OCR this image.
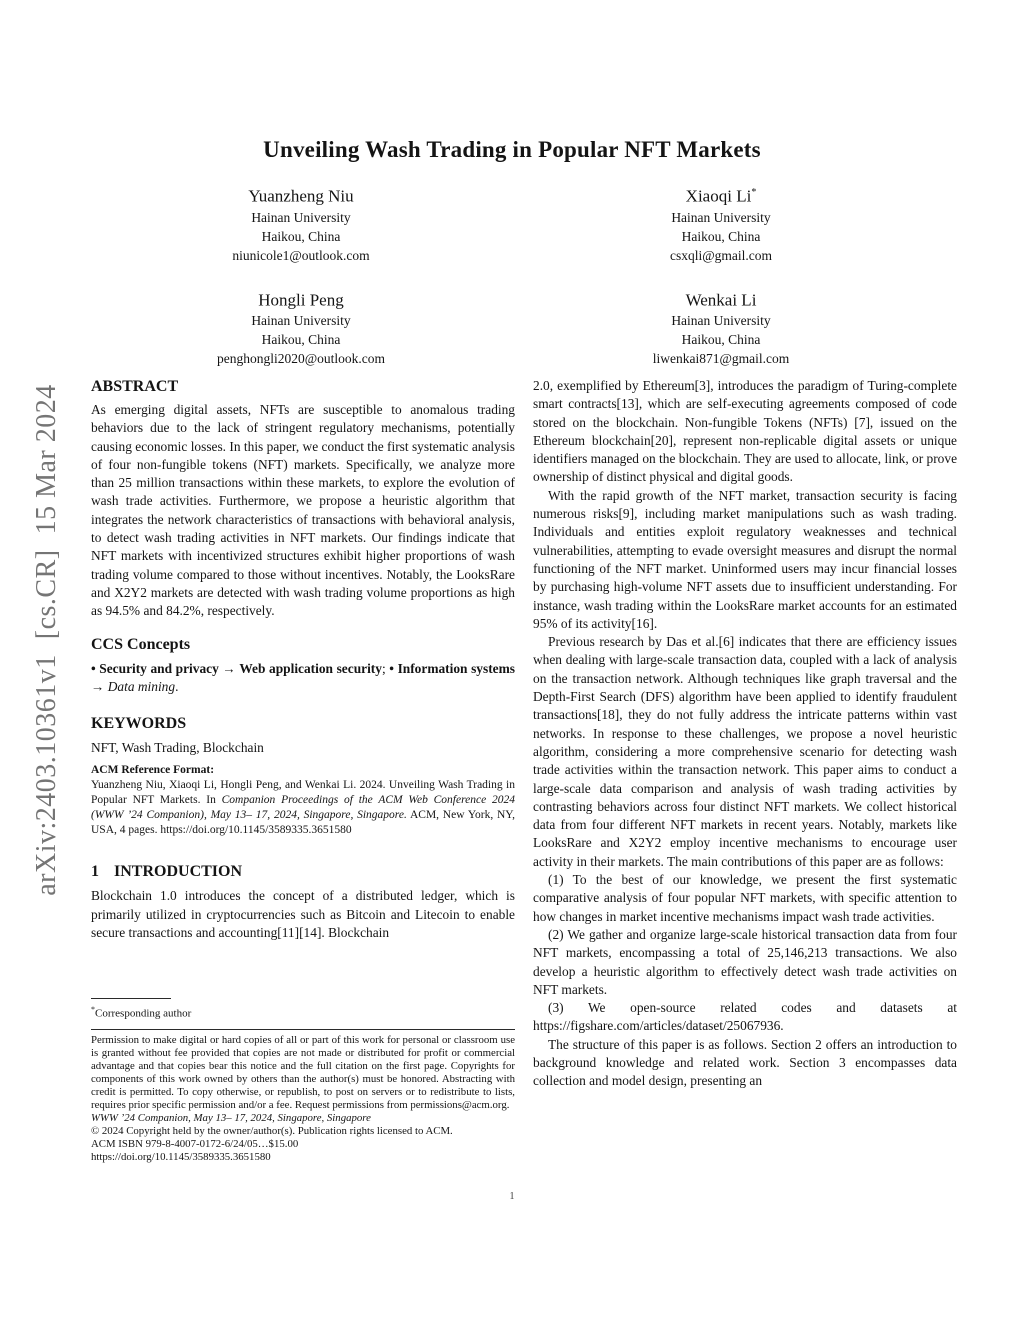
arXiv:2403.10361v1  [cs.CR]  15 Mar 2024
Unveiling Wash Trading in Popular NFT Markets
Yuanzheng Niu
Hainan University
Haikou, China
niunicole1@outlook.com
Xiaoqi Li*
Hainan University
Haikou, China
csxqli@gmail.com
Hongli Peng
Hainan University
Haikou, China
penghongli2020@outlook.com
Wenkai Li
Hainan University
Haikou, China
liwenkai871@gmail.com
ABSTRACT

As emerging digital assets, NFTs are susceptible to anomalous trading behaviors due to the lack of stringent regulatory mechanisms, potentially causing economic losses. In this paper, we conduct the first systematic analysis of four non-fungible tokens (NFT) markets. Specifically, we analyze more than 25 million transactions within these markets, to explore the evolution of wash trade activities. Furthermore, we propose a heuristic algorithm that integrates the network characteristics of transactions with behavioral analysis, to detect wash trading activities in NFT markets. Our findings indicate that NFT markets with incentivized structures exhibit higher proportions of wash trading volume compared to those without incentives. Notably, the LooksRare and X2Y2 markets are detected with wash trading volume proportions as high as 94.5% and 84.2%, respectively.

CCS Concepts

• Security and privacy → Web application security; • Information systems → Data mining.

KEYWORDS

NFT, Wash Trading, Blockchain

ACM Reference Format:

Yuanzheng Niu, Xiaoqi Li, Hongli Peng, and Wenkai Li. 2024. Unveiling Wash Trading in Popular NFT Markets. In Companion Proceedings of the ACM Web Conference 2024 (WWW ’24 Companion), May 13– 17, 2024, Singapore, Singapore. ACM, New York, NY, USA, 4 pages. https://doi.org/10.1145/3589335.3651580

1 INTRODUCTION

Blockchain 1.0 introduces the concept of a distributed ledger, which is primarily utilized in cryptocurrencies such as Bitcoin and Litecoin to enable secure transactions and accounting[11][14]. Blockchain

*Corresponding author

Permission to make digital or hard copies of all or part of this work for personal or classroom use is granted without fee provided that copies are not made or distributed for profit or commercial advantage and that copies bear this notice and the full citation on the first page. Copyrights for components of this work owned by others than the author(s) must be honored. Abstracting with credit is permitted. To copy otherwise, or republish, to post on servers or to redistribute to lists, requires prior specific permission and/or a fee. Request permissions from permissions@acm.org.

WWW ’24 Companion, May 13– 17, 2024, Singapore, Singapore
© 2024 Copyright held by the owner/author(s). Publication rights licensed to ACM.
ACM ISBN 979-8-4007-0172-6/24/05…$15.00
https://doi.org/10.1145/3589335.3651580

2.0, exemplified by Ethereum[3], introduces the paradigm of Turing-complete smart contracts[13], which are self-executing agreements composed of code stored on the blockchain. Non-fungible Tokens (NFTs) [7], issued on the Ethereum blockchain[20], represent non-replicable digital assets or unique identifiers managed on the blockchain. They are used to allocate, link, or prove ownership of distinct physical and digital goods.

With the rapid growth of the NFT market, transaction security is facing numerous risks[9], including market manipulations such as wash trading. Individuals and entities exploit regulatory weaknesses and technical vulnerabilities, attempting to evade oversight measures and disrupt the normal functioning of the NFT market. Uninformed users may incur financial losses by purchasing high-volume NFT assets due to insufficient understanding. For instance, wash trading within the LooksRare market accounts for an estimated 95% of its activity[16].

Previous research by Das et al.[6] indicates that there are efficiency issues when dealing with large-scale transaction data, coupled with a lack of analysis on the transaction network. Although techniques like graph traversal and the Depth-First Search (DFS) algorithm have been applied to identify fraudulent transactions[18], they do not fully address the intricate patterns within vast networks. In response to these challenges, we propose a novel heuristic algorithm, considering a more comprehensive scenario for detecting wash trade activities within the transaction network. This paper aims to conduct a large-scale data comparison and analysis of wash trading activities by contrasting behaviors across four distinct NFT markets. We collect historical data from four different NFT markets in recent years. Notably, markets like LooksRare and X2Y2 employ incentive mechanisms to encourage user activity in their markets. The main contributions of this paper are as follows:

(1) To the best of our knowledge, we present the first systematic comparative analysis of four popular NFT markets, with specific attention to how changes in market incentive mechanisms impact wash trade activities.

(2) We gather and organize large-scale historical transaction data from four NFT markets, encompassing a total of 25,146,213 transactions. We also develop a heuristic algorithm to effectively detect wash trade activities on NFT markets.

(3) We open-source related codes and datasets at https://figshare.com/articles/dataset/25067936.

The structure of this paper is as follows. Section 2 offers an introduction to background knowledge and related work. Section 3 encompasses data collection and model design, presenting an

1
